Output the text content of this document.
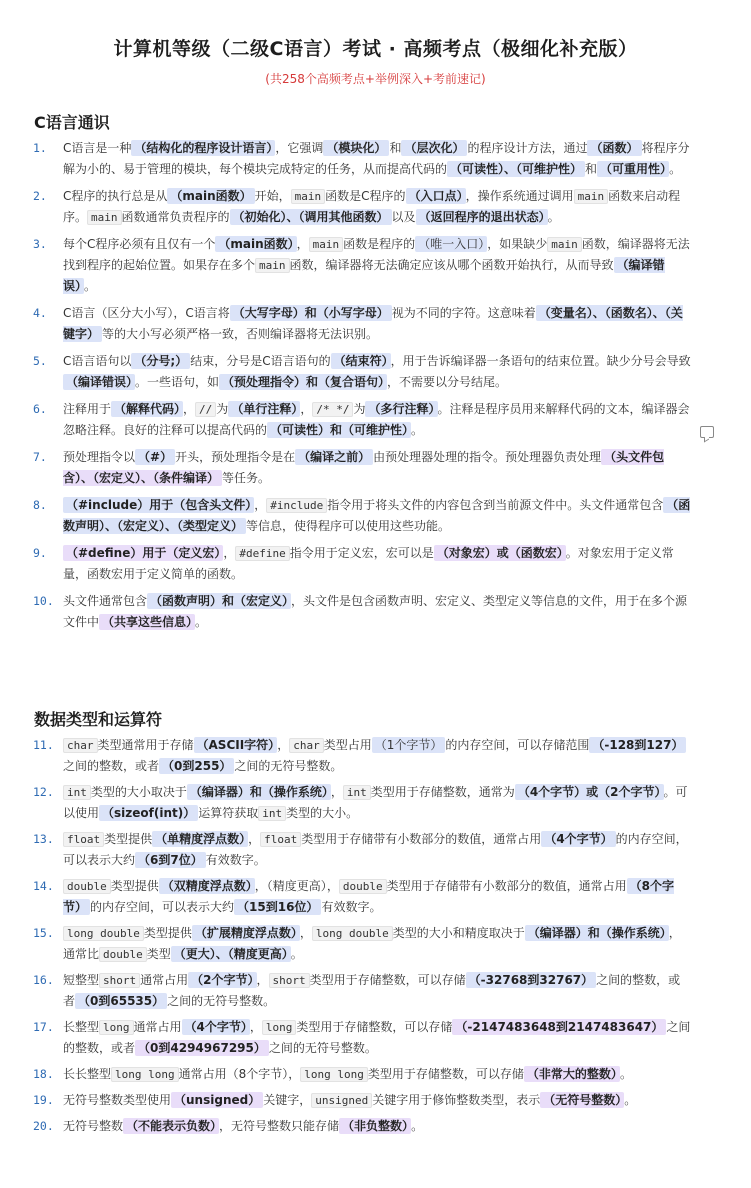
计算机等级（二级C语言）考试 · 高频考点（极细化补充版）
(共258个高频考点+举例深入+考前速记)
C语言通识
1.	C语言是一种 （结构化的程序设计语言） ，它强调 （模块化） 和 （层次化） 的程序设计方法，通过 （函数） 将程序分解为小的、易于管理的模块，每个模块完成特定的任务，从而提高代码的 （可读性）、（可维护性） 和 （可重用性） 。
2.	C程序的执行总是从 （main函数） 开始， main 函数是C程序的 （入口点） ，操作系统通过调用 main 函数来启动程序。 main 函数通常负责程序的 （初始化）、（调用其他函数） 以及 （返回程序的退出状态） 。
3.	每个C程序必须有且仅有一个 （main函数） ， main 函数是程序的 （唯一入口） ，如果缺少 main 函数，编译器将无法找到程序的起始位置。如果存在多个 main 函数，编译器将无法确定应该从哪个函数开始执行，从而导致 （编译错误） 。
4.	C语言（区分大小写），C语言将 （大写字母）和（小写字母） 视为不同的字符。这意味着 （变量名）、（函数名）、（关键字） 等的大小写必须严格一致，否则编译器将无法识别。
5.	C语言语句以 （分号;） 结束，分号是C语言语句的 （结束符） ，用于告诉编译器一条语句的结束位置。缺少分号会导致（编译错误） 。一些语句，如 （预处理指令）和（复合语句） ，不需要以分号结尾。
6.	注释用于 （解释代码） ， // 为 （单行注释） ， /* */ 为 （多行注释） 。注释是程序员用来解释代码的文本，编译器会忽略注释。良好的注释可以提高代码的 （可读性）和（可维护性） 。
7.	预处理指令以 （#） 开头，预处理指令是在 （编译之前） 由预处理器处理的指令。预处理器负责处理 （头文件包含）、（宏定义）、（条件编译） 等任务。
8.	（#include）用于（包含头文件） ， #include 指令用于将头文件的内容包含到当前源文件中。头文件通常包含 （函数声明）、（宏定义）、（类型定义） 等信息，使得程序可以使用这些功能。
9.	（#define）用于（定义宏） ， #define 指令用于定义宏，宏可以是 （对象宏）或（函数宏） 。对象宏用于定义常量，函数宏用于定义简单的函数。
10. 头文件通常包含 （函数声明）和（宏定义） ，头文件是包含函数声明、宏定义、类型定义等信息的文件，用于在多个源文件中 （共享这些信息） 。
数据类型和运算符
11.	char 类型通常用于存储 （ASCII字符） ， char 类型占用 （1个字节） 的内存空间，可以存储范围 （-128到127）之间的整数，或者 （0到255） 之间的无符号整数。
12.	int 类型的大小取决于 （编译器）和（操作系统） ， int 类型用于存储整数，通常为 （4个字节）或（2个字节） 。可以使用 （sizeof(int)） 运算符获取 int 类型的大小。
13.	float 类型提供 （单精度浮点数） ， float 类型用于存储带有小数部分的数值，通常占用 （4个字节） 的内存空间，可以表示大约 （6到7位） 有效数字。
14.	double 类型提供 （双精度浮点数） ，（精度更高）， double 类型用于存储带有小数部分的数值，通常占用 （8个字节） 的内存空间，可以表示大约 （15到16位） 有效数字。
15.	long double 类型提供 （扩展精度浮点数） ， long double 类型的大小和精度取决于 （编译器）和（操作系统） ，通常比 double 类型 （更大）、（精度更高） 。
16. 短整型 short 通常占用 （2个字节） ， short 类型用于存储整数，可以存储 （-32768到32767） 之间的整数，或者 （0到65535） 之间的无符号整数。
17. 长整型 long 通常占用 （4个字节） ， long 类型用于存储整数，可以存储 （-2147483648到2147483647） 之间的整数，或者 （0到4294967295） 之间的无符号整数。
18. 长长整型 long long 通常占用（8个字节）， long long 类型用于存储整数，可以存储 （非常大的整数） 。
19. 无符号整数类型使用 （unsigned） 关键字， unsigned 关键字用于修饰整数类型，表示 （无符号整数） 。
20. 无符号整数 （不能表示负数） ，无符号整数只能存储 （非负整数） 。
